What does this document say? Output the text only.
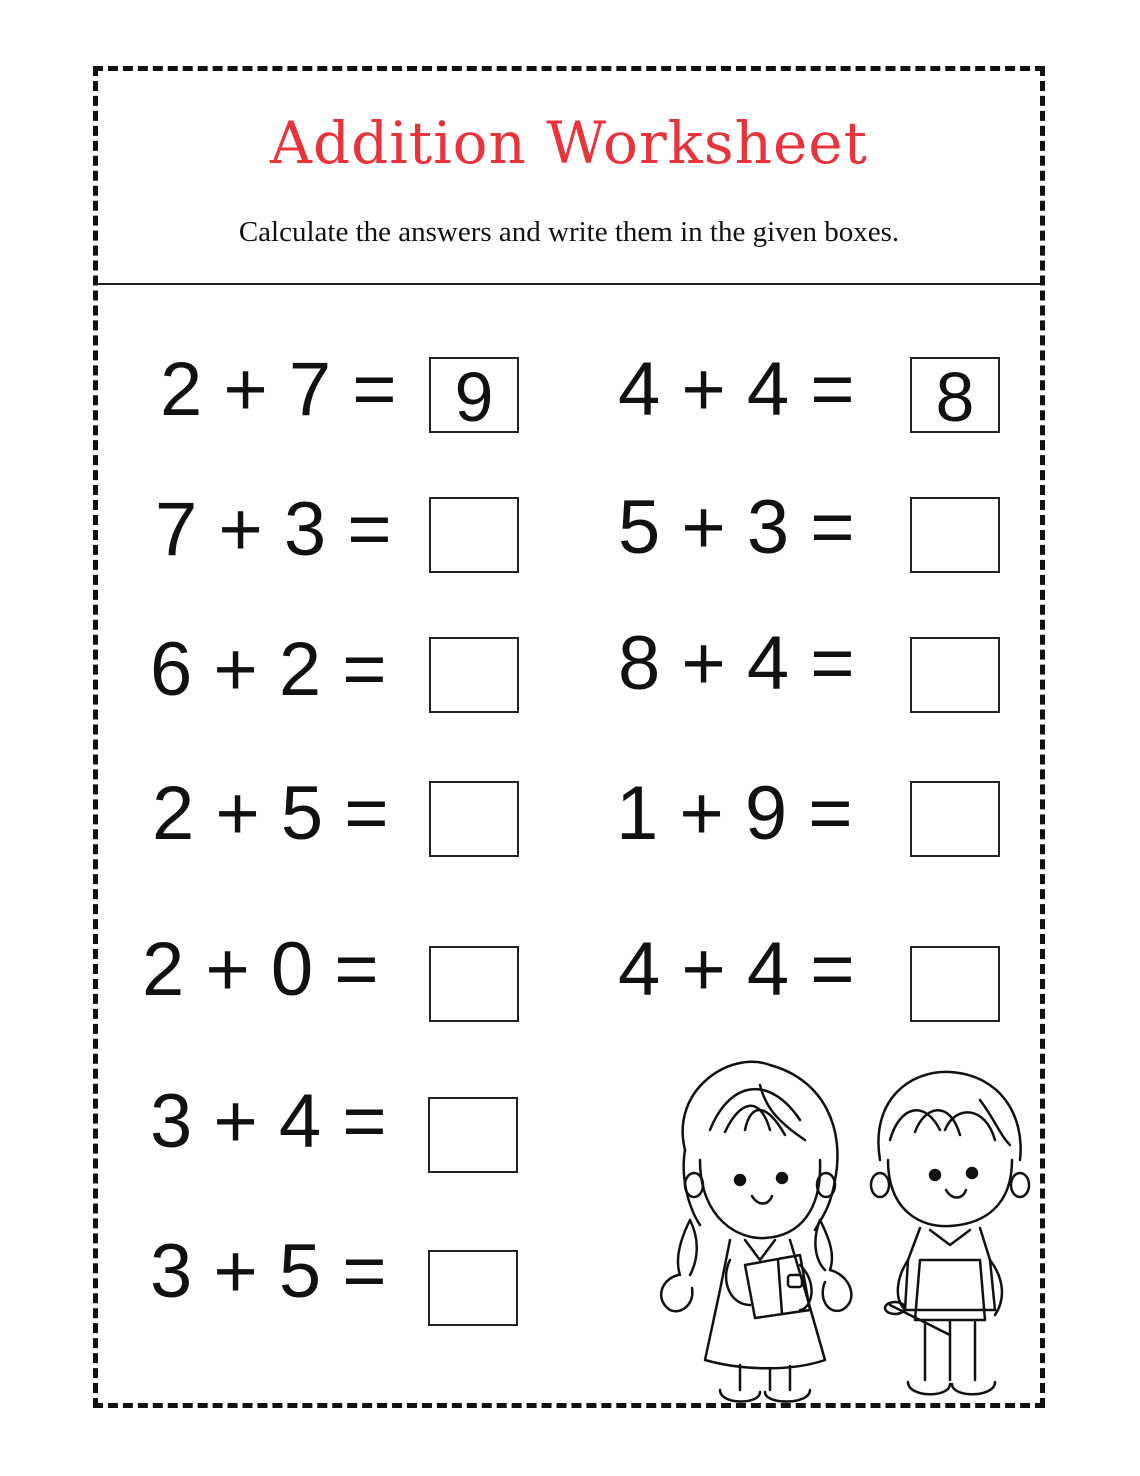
Addition Worksheet
Calculate the answers and write them in the given boxes.
2 + 7 = 9
7 + 3 =
6 + 2 =
2 + 5 =
2 + 0 =
3 + 4 =
3 + 5 =
4 + 4 =	8
5 + 3 =
8 + 4 =
1 + 9 =
4 + 4 =
